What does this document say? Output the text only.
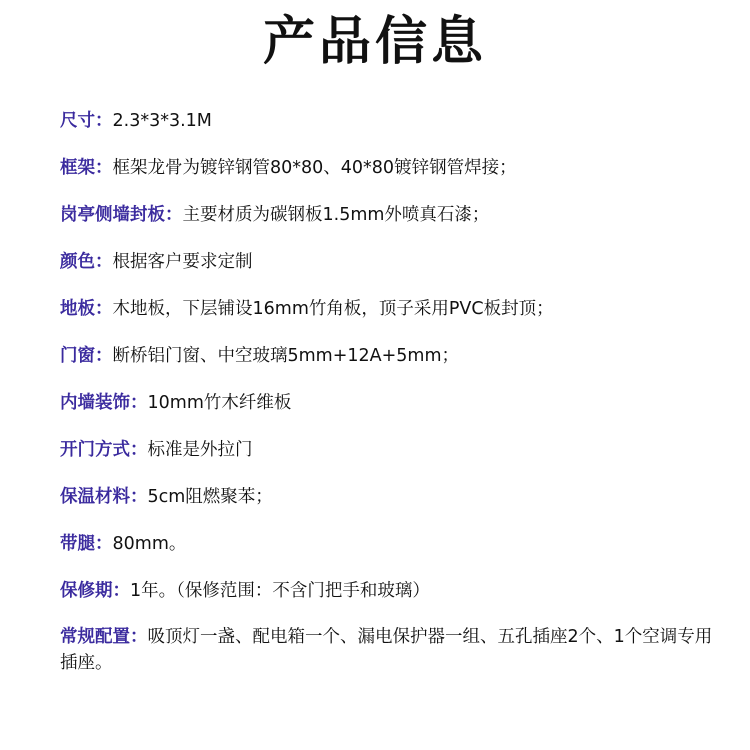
产品信息
尺寸：2.3*3*3.1M
框架：框架龙骨为镀锌钢管80*80、40*80镀锌钢管焊接；
岗亭侧墙封板：主要材质为碳钢板1.5mm外喷真石漆；
颜色：根据客户要求定制
地板：木地板，下层铺设16mm竹角板，顶子采用PVC板封顶；
门窗：断桥铝门窗、中空玻璃5mm+12A+5mm；
内墙装饰：10mm竹木纤维板
开门方式：标准是外拉门
保温材料：5cm阻燃聚苯；
带腿：80mm。
保修期：1年。（保修范围：不含门把手和玻璃）
常规配置：吸顶灯一盏、配电箱一个、漏电保护器一组、五孔插座2个、1个空调专用插座。
